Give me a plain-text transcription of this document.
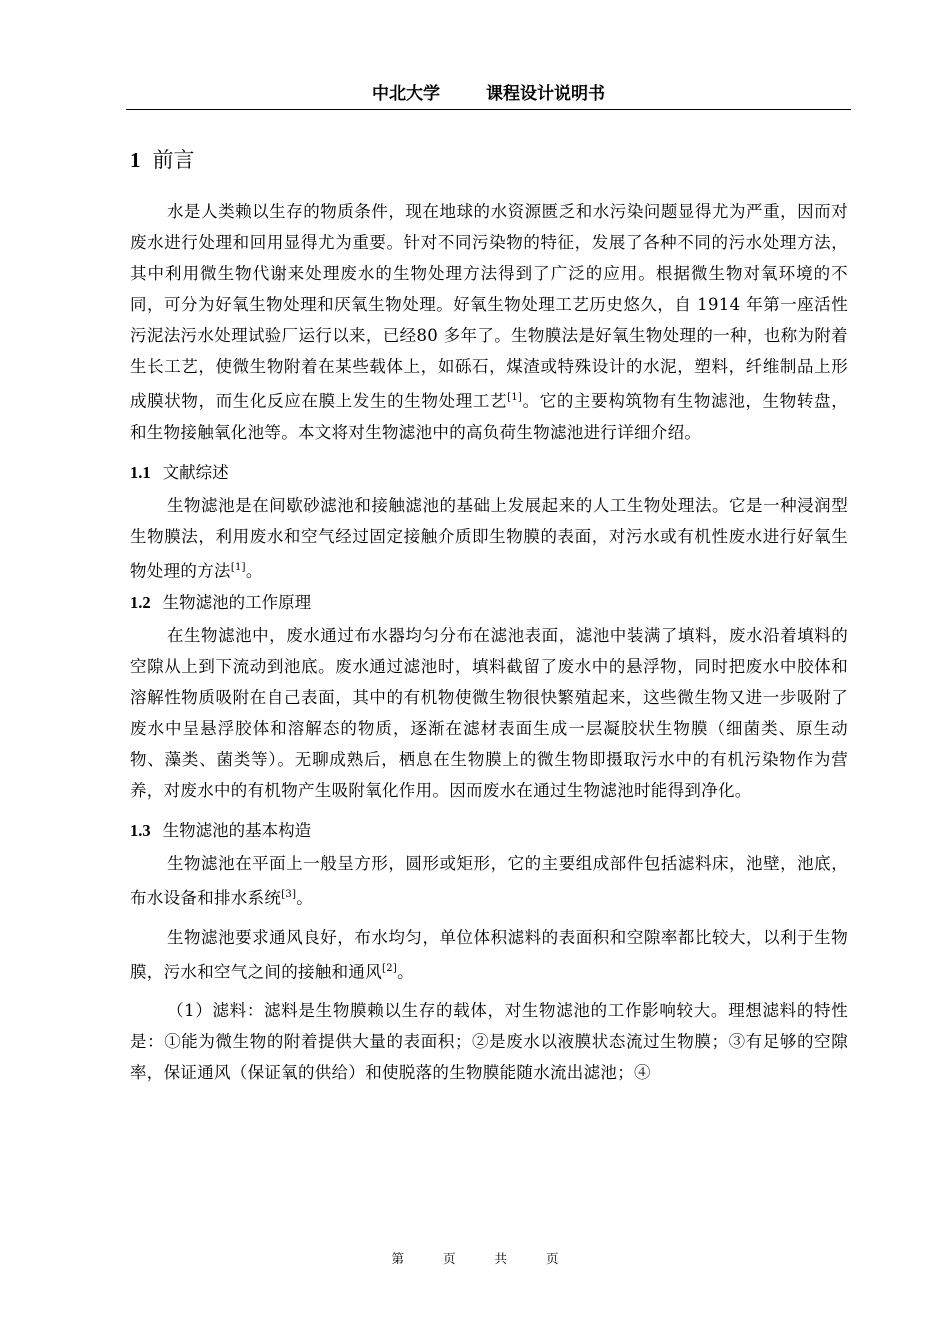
中北大学	课程设计说明书
1 前言

水是人类赖以生存的物质条件，现在地球的水资源匮乏和水污染问题显得尤为严重，因而对废水进行处理和回用显得尤为重要。针对不同污染物的特征，发展了各种不同的污水处理方法，其中利用微生物代谢来处理废水的生物处理方法得到了广泛的应用。根据微生物对氧环境的不同，可分为好氧生物处理和厌氧生物处理。好氧生物处理工艺历史悠久，自 1914 年第一座活性污泥法污水处理试验厂运行以来，已经80 多年了。生物膜法是好氧生物处理的一种，也称为附着生长工艺，使微生物附着在某些载体上，如砾石，煤渣或特殊设计的水泥，塑料，纤维制品上形成膜状物，而生化反应在膜上发生的生物处理工艺[1]。它的主要构筑物有生物滤池，生物转盘，和生物接触氧化池等。本文将对生物滤池中的高负荷生物滤池进行详细介绍。

1.1 文献综述

生物滤池是在间歇砂滤池和接触滤池的基础上发展起来的人工生物处理法。它是一种浸润型生物膜法，利用废水和空气经过固定接触介质即生物膜的表面，对污水或有机性废水进行好氧生物处理的方法[1]。

1.2 生物滤池的工作原理

在生物滤池中，废水通过布水器均匀分布在滤池表面，滤池中装满了填料，废水沿着填料的空隙从上到下流动到池底。废水通过滤池时，填料截留了废水中的悬浮物，同时把废水中胶体和溶解性物质吸附在自己表面，其中的有机物使微生物很快繁殖起来，这些微生物又进一步吸附了废水中呈悬浮胶体和溶解态的物质，逐渐在滤材表面生成一层凝胶状生物膜（细菌类、原生动物、藻类、菌类等）。无聊成熟后，栖息在生物膜上的微生物即摄取污水中的有机污染物作为营养，对废水中的有机物产生吸附氧化作用。因而废水在通过生物滤池时能得到净化。

1.3 生物滤池的基本构造

生物滤池在平面上一般呈方形，圆形或矩形，它的主要组成部件包括滤料床，池壁，池底，布水设备和排水系统[3]。

生物滤池要求通风良好，布水均匀，单位体积滤料的表面积和空隙率都比较大，以利于生物膜，污水和空气之间的接触和通风[2]。

（1）滤料：滤料是生物膜赖以生存的载体，对生物滤池的工作影响较大。理想滤料的特性是：①能为微生物的附着提供大量的表面积；②是废水以液膜状态流过生物膜；③有足够的空隙率，保证通风（保证氧的供给）和使脱落的生物膜能随水流出滤池；④

第	页	共	页
